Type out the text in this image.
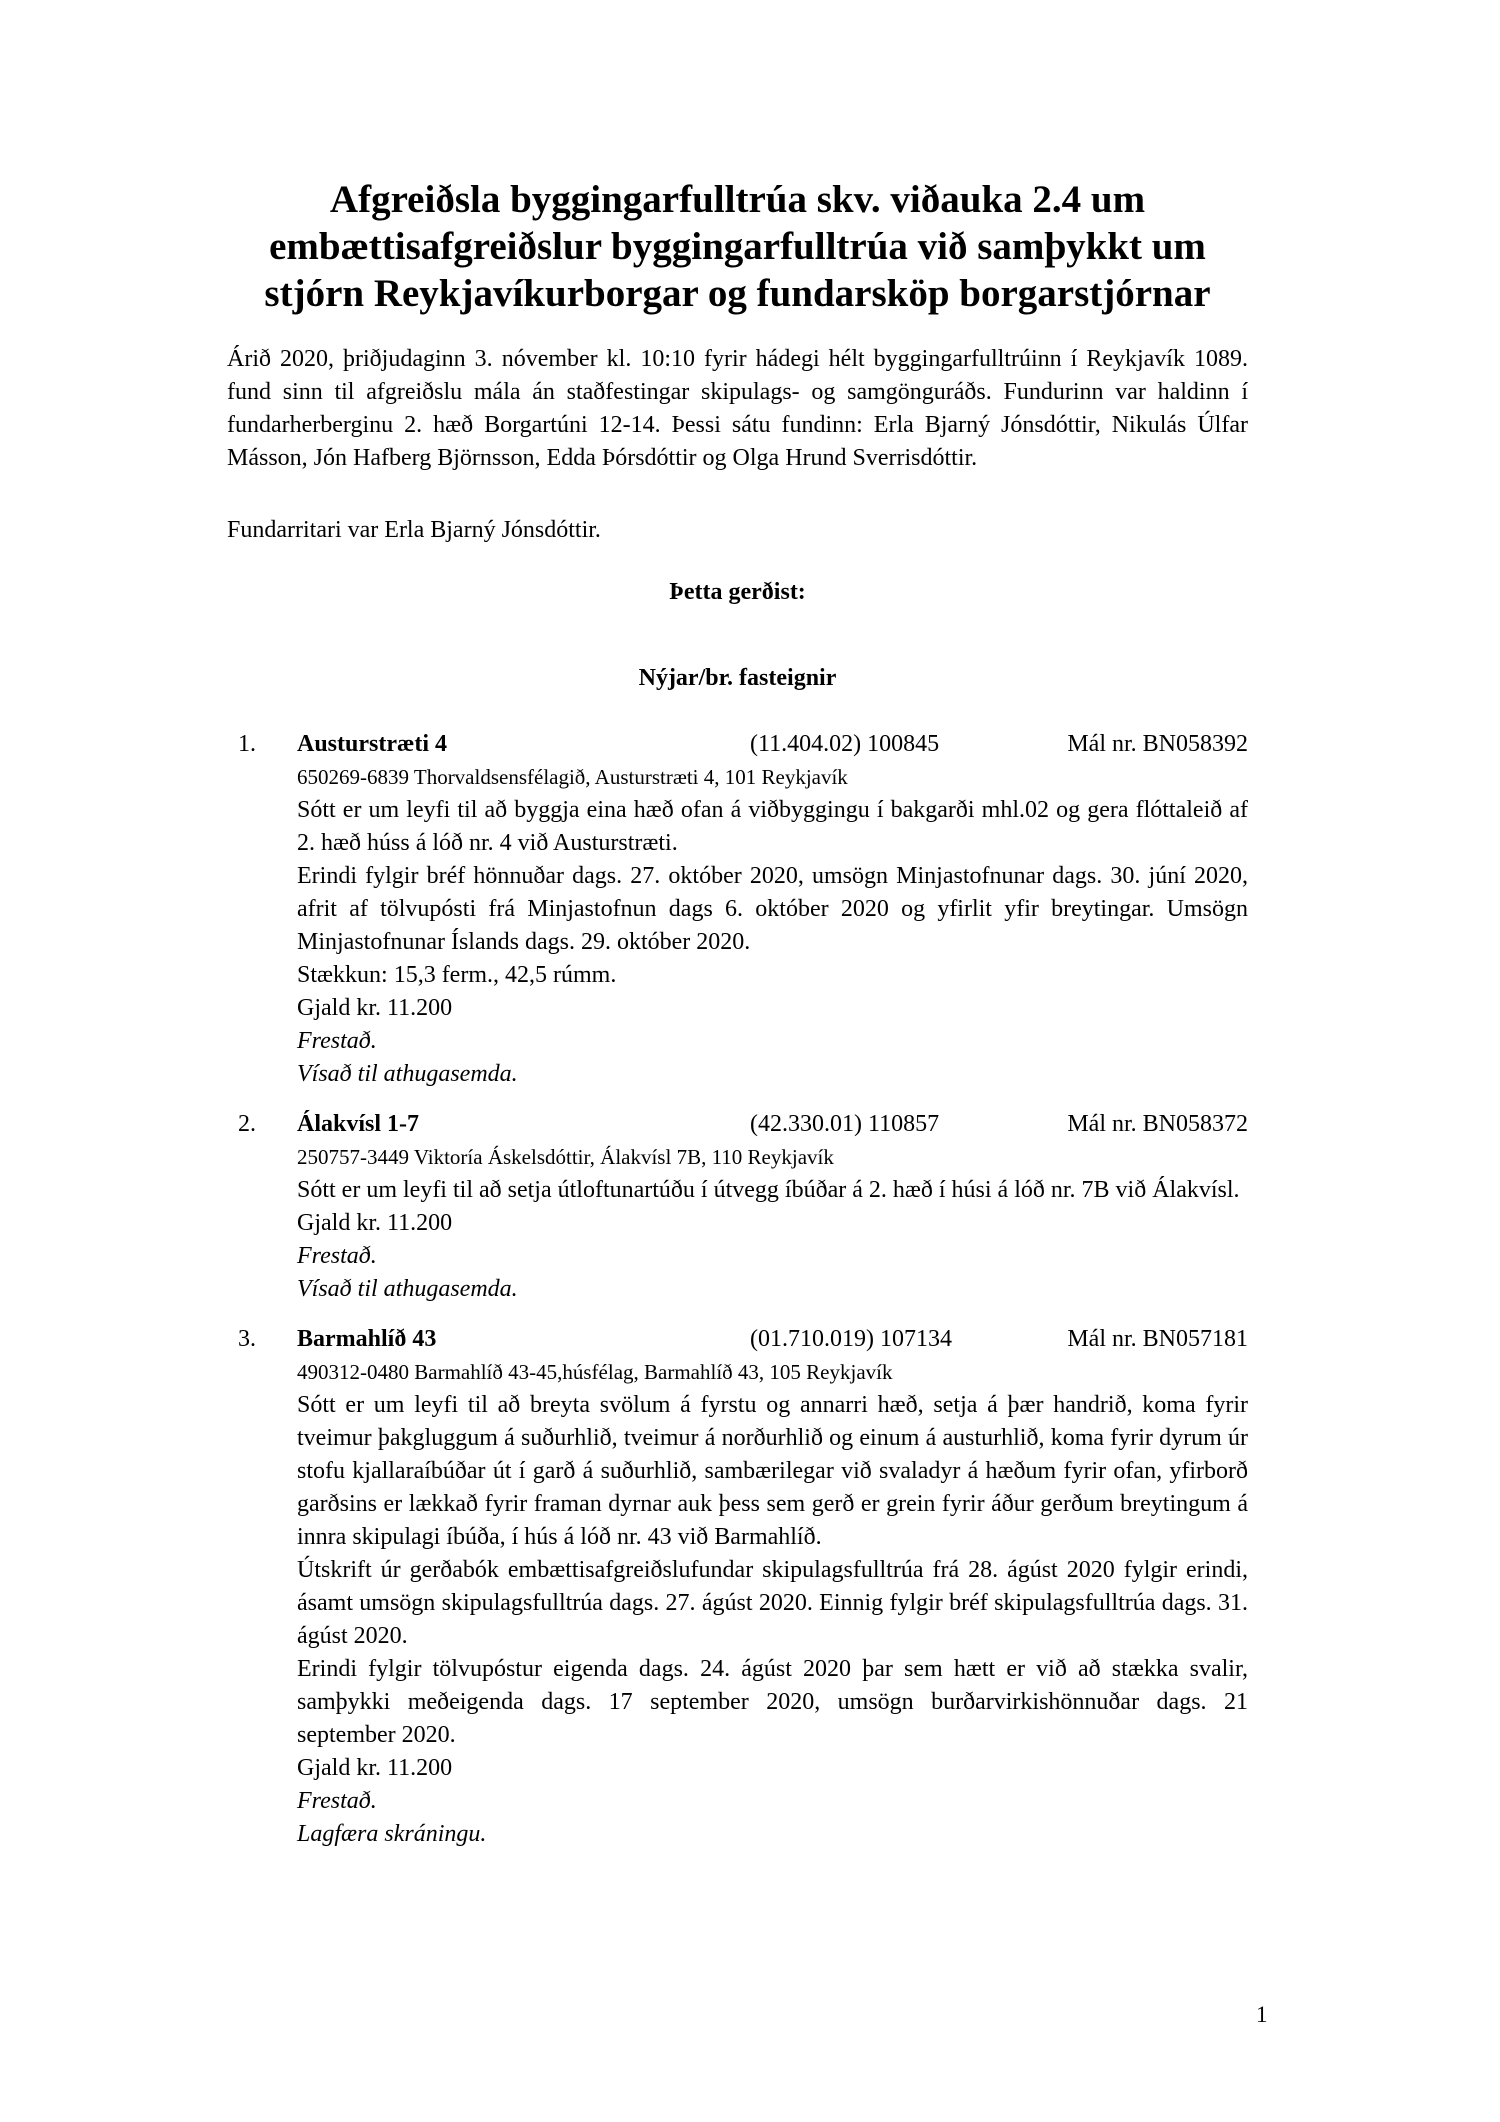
Afgreiðsla byggingarfulltrúa skv. viðauka 2.4 um
embættisafgreiðslur byggingarfulltrúa við samþykkt um
stjórn Reykjavíkurborgar og fundarsköp borgarstjórnar
Árið 2020, þriðjudaginn 3. nóvember kl. 10:10 fyrir hádegi hélt byggingarfulltrúinn í Reykjavík 1089. fund sinn til afgreiðslu mála án staðfestingar skipulags- og samgönguráðs. Fundurinn var haldinn í fundarherberginu 2. hæð Borgartúni 12-14. Þessi sátu fundinn: Erla Bjarný Jónsdóttir, Nikulás Úlfar Másson, Jón Hafberg Björnsson, Edda Þórsdóttir og Olga Hrund Sverrisdóttir.
Fundarritari var Erla Bjarný Jónsdóttir.
Þetta gerðist:
Nýjar/br. fasteignir
1. Austurstræti 4	(11.404.02) 100845	Mál nr. BN058392
650269-6839 Thorvaldsensfélagið, Austurstræti 4, 101 Reykjavík

Sótt er um leyfi til að byggja eina hæð ofan á viðbyggingu í bakgarði mhl.02 og gera flóttaleið af 2. hæð húss á lóð nr. 4 við Austurstræti.

Erindi fylgir bréf hönnuðar dags. 27. október 2020, umsögn Minjastofnunar dags. 30. júní 2020, afrit af tölvupósti frá Minjastofnun dags 6. október 2020 og yfirlit yfir breytingar. Umsögn Minjastofnunar Íslands dags. 29. október 2020.

Stækkun: 15,3 ferm., 42,5 rúmm.

Gjald kr. 11.200

Frestað.

Vísað til athugasemda.

2. Álakvísl 1-7	(42.330.01) 110857	Mál nr. BN058372
250757-3449 Viktoría Áskelsdóttir, Álakvísl 7B, 110 Reykjavík

Sótt er um leyfi til að setja útloftunartúðu í útvegg íbúðar á 2. hæð í húsi á lóð nr. 7B við Álakvísl.

Gjald kr. 11.200

Frestað.

Vísað til athugasemda.

3. Barmahlíð 43	(01.710.019) 107134	Mál nr. BN057181
490312-0480 Barmahlíð 43-45,húsfélag, Barmahlíð 43, 105 Reykjavík

Sótt er um leyfi til að breyta svölum á fyrstu og annarri hæð, setja á þær handrið, koma fyrir tveimur þakgluggum á suðurhlið, tveimur á norðurhlið og einum á austurhlið, koma fyrir dyrum úr stofu kjallaraíbúðar út í garð á suðurhlið, sambærilegar við svaladyr á hæðum fyrir ofan, yfirborð garðsins er lækkað fyrir framan dyrnar auk þess sem gerð er grein fyrir áður gerðum breytingum á innra skipulagi íbúða, í hús á lóð nr. 43 við Barmahlíð.

Útskrift úr gerðabók embættisafgreiðslufundar skipulagsfulltrúa frá 28. ágúst 2020 fylgir erindi, ásamt umsögn skipulagsfulltrúa dags. 27. ágúst 2020. Einnig fylgir bréf skipulagsfulltrúa dags. 31. ágúst 2020.

Erindi fylgir tölvupóstur eigenda dags. 24. ágúst 2020 þar sem hætt er við að stækka svalir, samþykki meðeigenda dags. 17 september 2020, umsögn burðarvirkishönnuðar dags. 21 september 2020.

Gjald kr. 11.200

Frestað.

Lagfæra skráningu.

1
